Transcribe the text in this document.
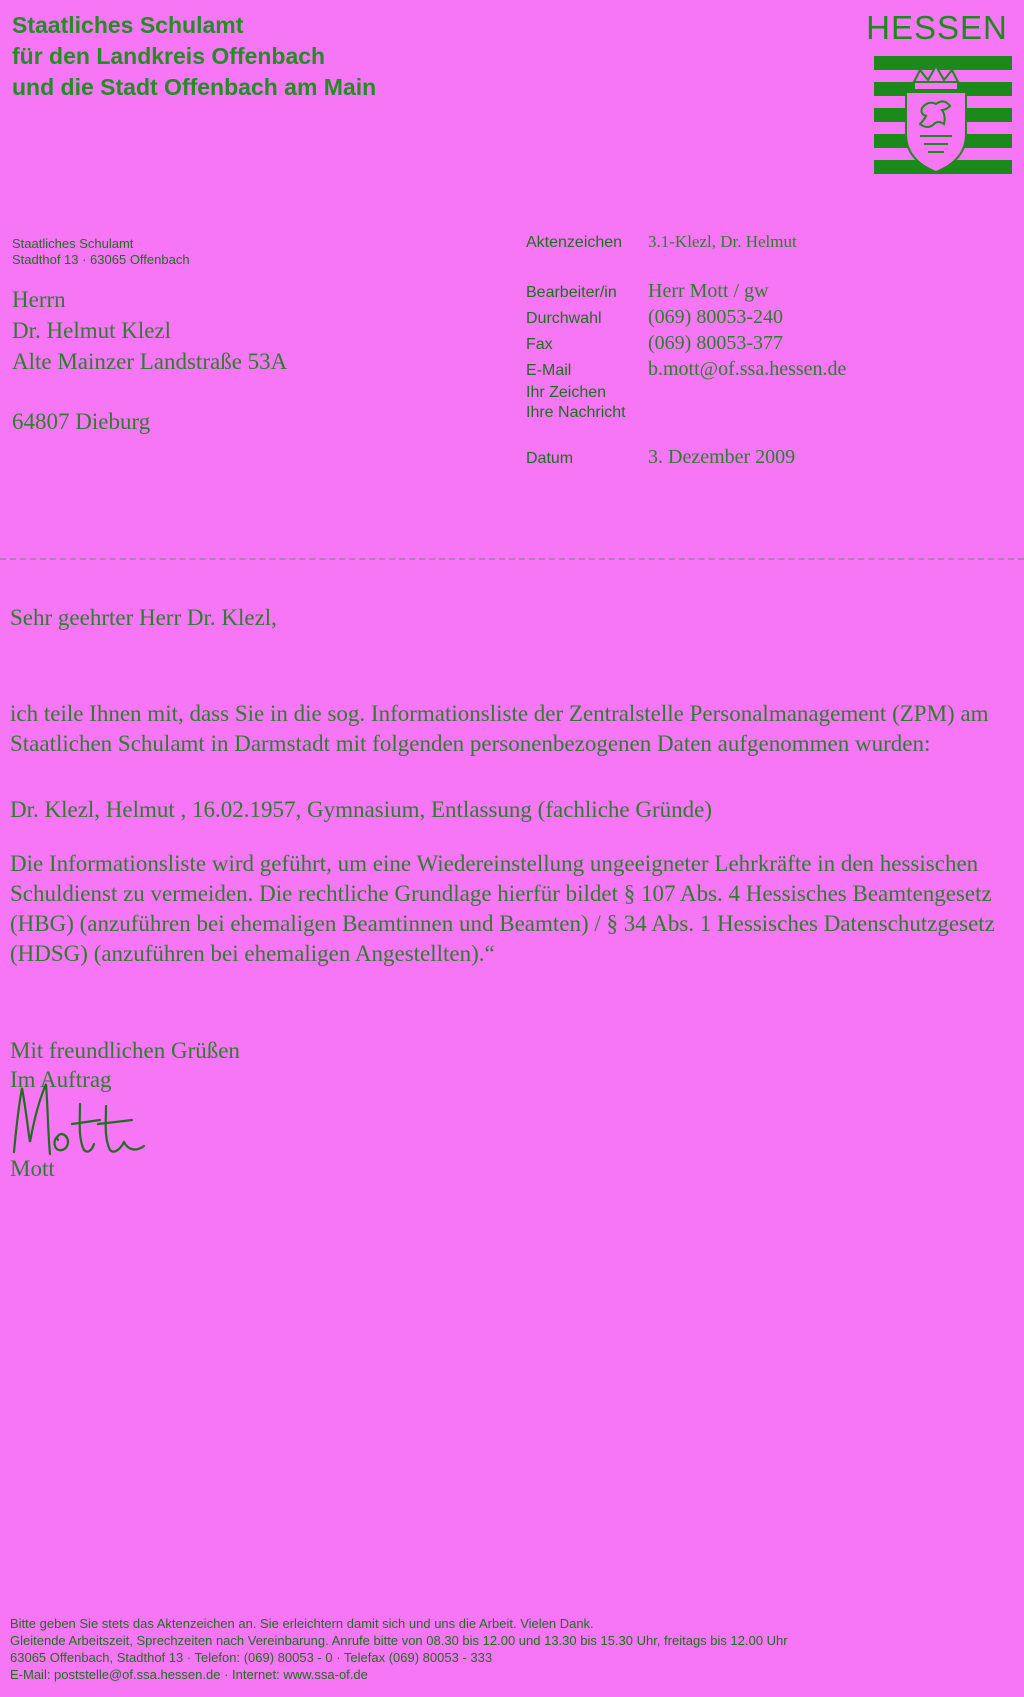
Staatliches Schulamt
für den Landkreis Offenbach
und die Stadt Offenbach am Main
HESSEN
Staatliches Schulamt
Stadthof 13 · 63065 Offenbach
Herrn
Dr. Helmut Klezl
Alte Mainzer Landstraße 53A
64807 Dieburg
Aktenzeichen	3.1-Klezl, Dr. Helmut
Bearbeiter/in	Herr Mott / gw
Durchwahl	(069) 80053-240
Fax	(069) 80053-377
E-Mail	b.mott@of.ssa.hessen.de
Ihr Zeichen
Ihre Nachricht
Datum	3. Dezember 2009

Sehr geehrter Herr Dr. Klezl,

ich teile Ihnen mit, dass Sie in die sog. Informationsliste der Zentralstelle Personalmanagement (ZPM) am Staatlichen Schulamt in Darmstadt mit folgenden personenbezogenen Daten aufgenommen wurden:

Dr. Klezl, Helmut , 16.02.1957, Gymnasium, Entlassung (fachliche Gründe)

Die Informationsliste wird geführt, um eine Wiedereinstellung ungeeigneter Lehrkräfte in den hessischen Schuldienst zu vermeiden. Die rechtliche Grundlage hierfür bildet § 107 Abs. 4 Hessisches Beamtengesetz (HBG) (anzuführen bei ehemaligen Beamtinnen und Beamten) / § 34 Abs. 1 Hessisches Datenschutzgesetz (HDSG) (anzuführen bei ehemaligen Angestellten).“

Mit freundlichen Grüßen
Im Auftrag
Mott
Bitte geben Sie stets das Aktenzeichen an. Sie erleichtern damit sich und uns die Arbeit. Vielen Dank.
Gleitende Arbeitszeit, Sprechzeiten nach Vereinbarung. Anrufe bitte von 08.30 bis 12.00 und 13.30 bis 15.30 Uhr, freitags bis 12.00 Uhr
63065 Offenbach, Stadthof 13 · Telefon: (069) 80053 - 0 · Telefax (069) 80053 - 333
E-Mail: poststelle@of.ssa.hessen.de · Internet: www.ssa-of.de
